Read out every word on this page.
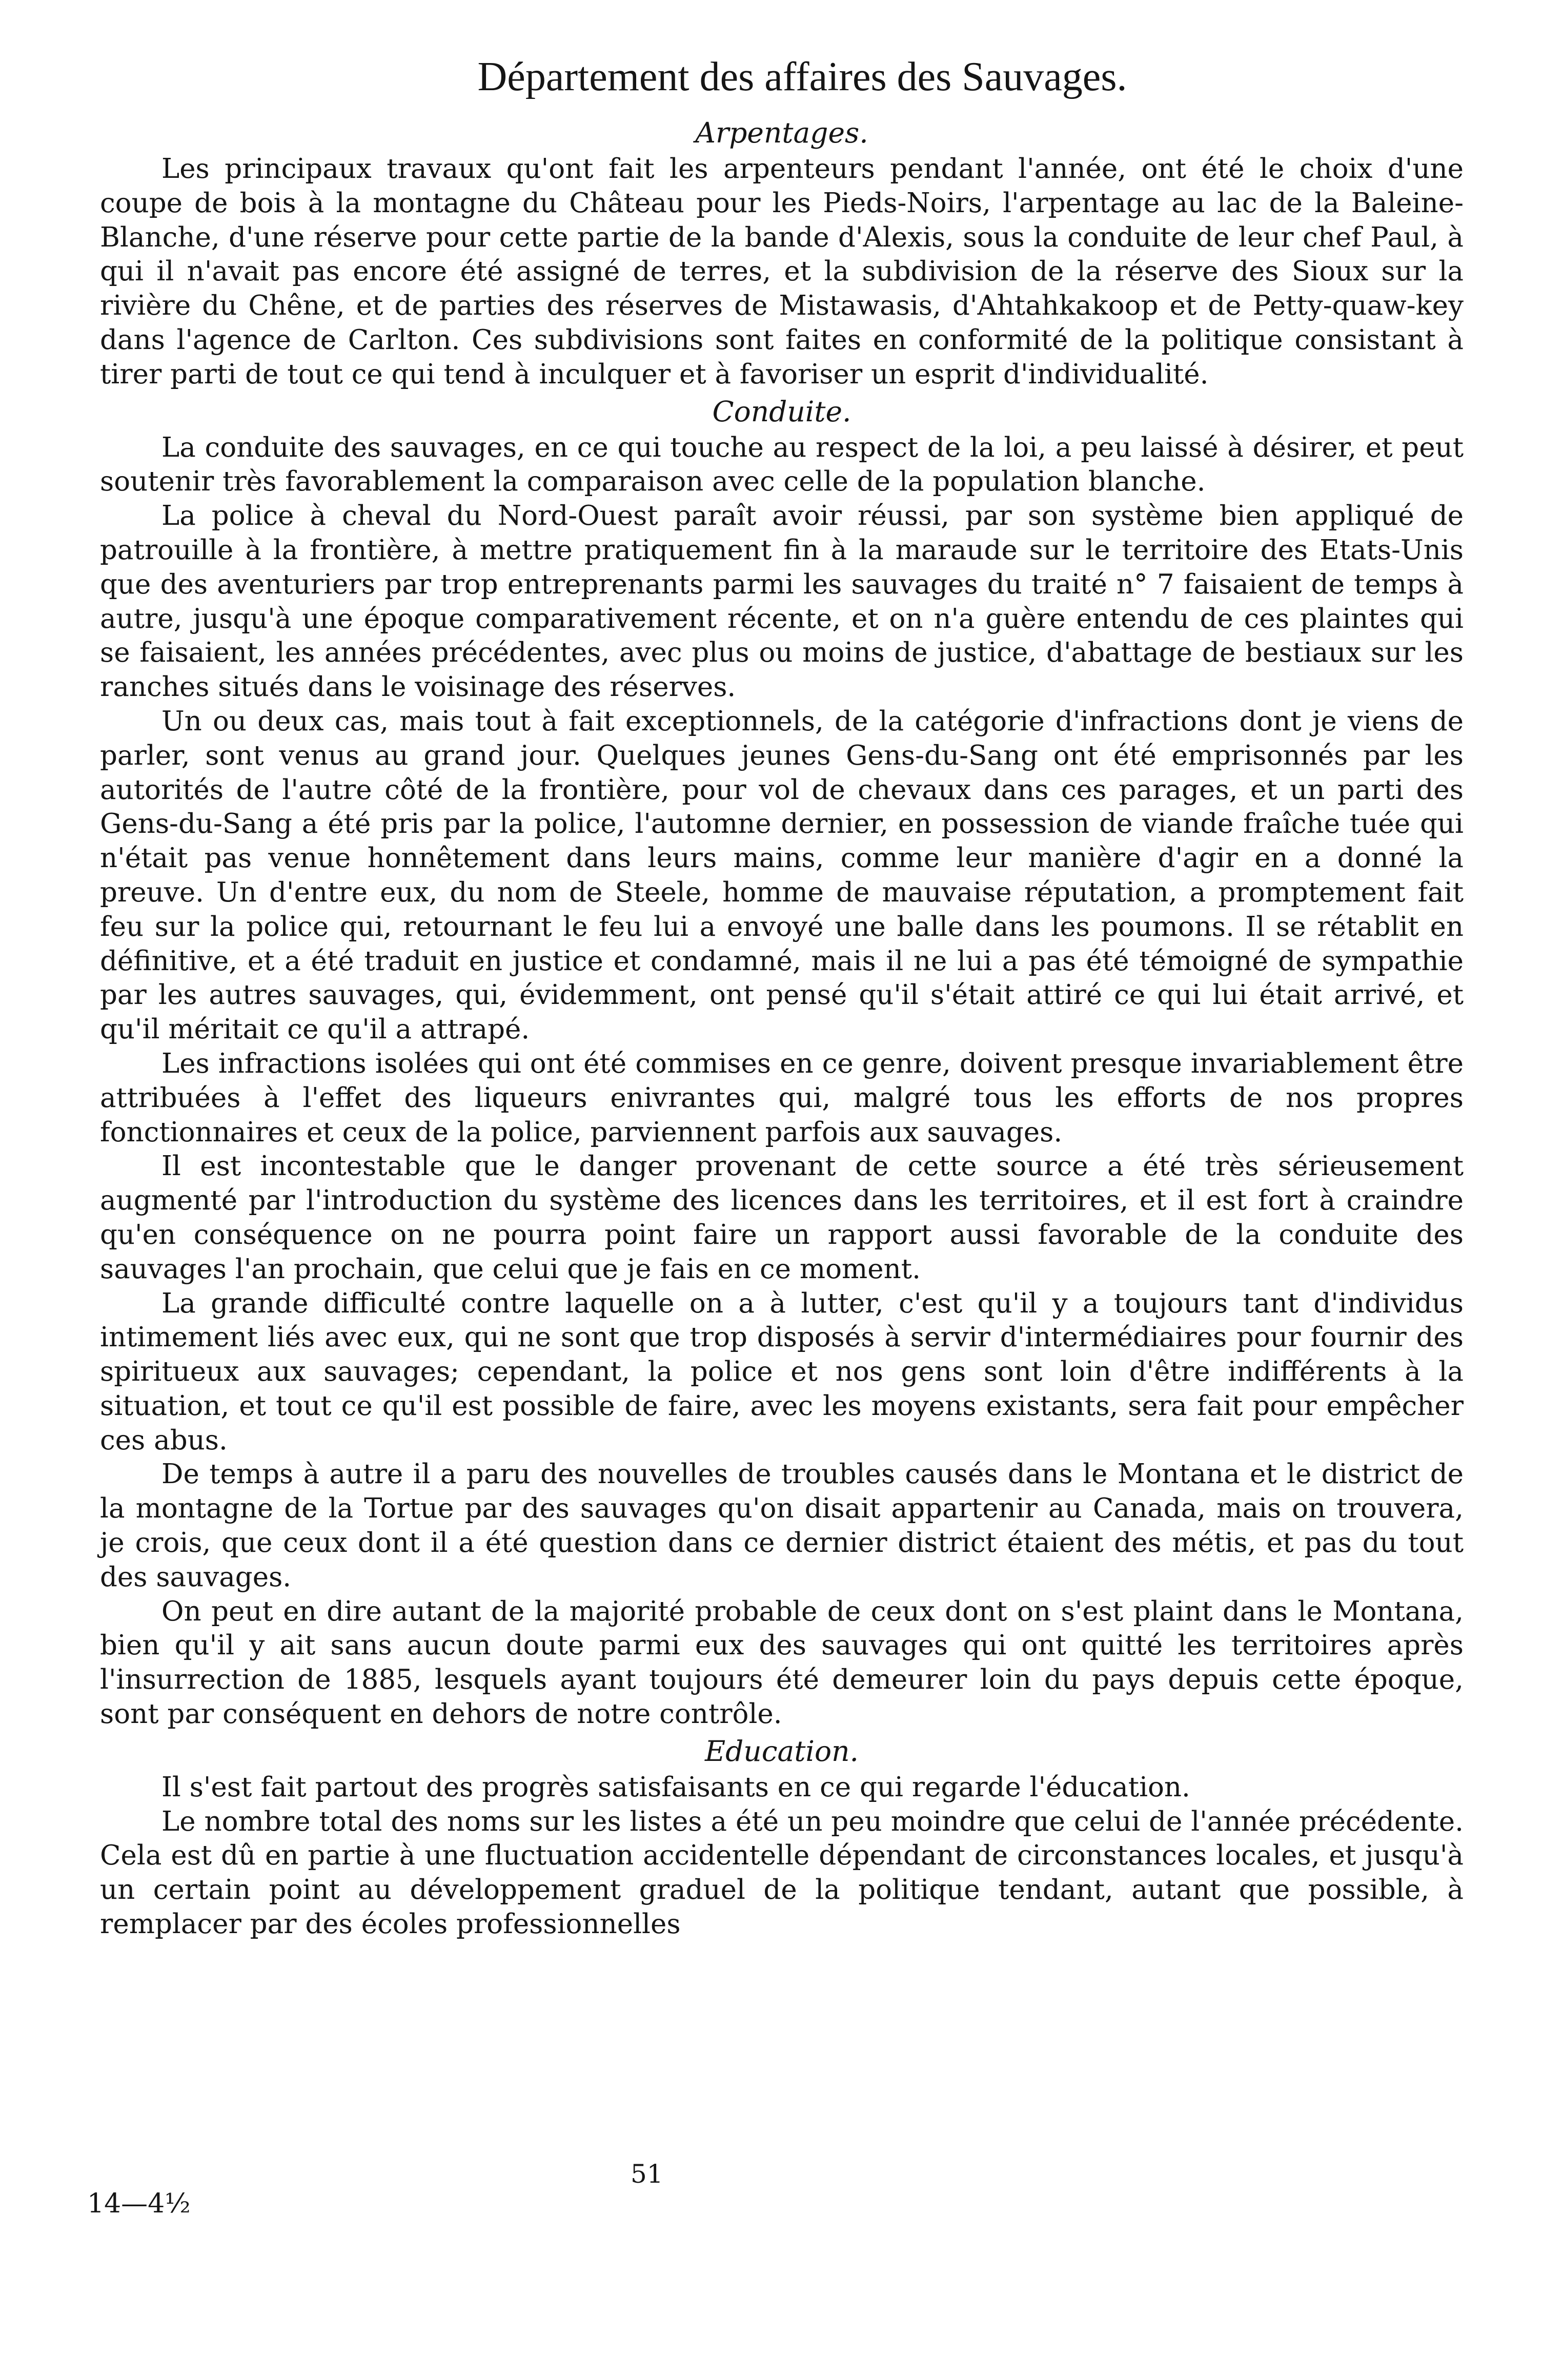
Département des affaires des Sauvages.
Arpentages.

Les principaux travaux qu'ont fait les arpenteurs pendant l'année, ont été le choix d'une coupe de bois à la montagne du Château pour les Pieds-Noirs, l'arpentage au lac de la Baleine-Blanche, d'une réserve pour cette partie de la bande d'Alexis, sous la conduite de leur chef Paul, à qui il n'avait pas encore été assigné de terres, et la subdivision de la réserve des Sioux sur la rivière du Chêne, et de parties des réserves de Mistawasis, d'Ahtahkakoop et de Petty-quaw-key dans l'agence de Carlton. Ces subdivisions sont faites en conformité de la politique consistant à tirer parti de tout ce qui tend à inculquer et à favoriser un esprit d'individualité.

Conduite.

La conduite des sauvages, en ce qui touche au respect de la loi, a peu laissé à désirer, et peut soutenir très favorablement la comparaison avec celle de la population blanche.

La police à cheval du Nord-Ouest paraît avoir réussi, par son système bien appliqué de patrouille à la frontière, à mettre pratiquement fin à la maraude sur le territoire des Etats-Unis que des aventuriers par trop entreprenants parmi les sauvages du traité n° 7 faisaient de temps à autre, jusqu'à une époque comparativement récente, et on n'a guère entendu de ces plaintes qui se faisaient, les années précédentes, avec plus ou moins de justice, d'abattage de bestiaux sur les ranches situés dans le voisinage des réserves.

Un ou deux cas, mais tout à fait exceptionnels, de la catégorie d'infractions dont je viens de parler, sont venus au grand jour. Quelques jeunes Gens-du-Sang ont été emprisonnés par les autorités de l'autre côté de la frontière, pour vol de chevaux dans ces parages, et un parti des Gens-du-Sang a été pris par la police, l'automne dernier, en possession de viande fraîche tuée qui n'était pas venue honnêtement dans leurs mains, comme leur manière d'agir en a donné la preuve. Un d'entre eux, du nom de Steele, homme de mauvaise réputation, a promptement fait feu sur la police qui, retournant le feu lui a envoyé une balle dans les poumons. Il se rétablit en définitive, et a été traduit en justice et condamné, mais il ne lui a pas été témoigné de sympathie par les autres sauvages, qui, évidemment, ont pensé qu'il s'était attiré ce qui lui était arrivé, et qu'il méritait ce qu'il a attrapé.

Les infractions isolées qui ont été commises en ce genre, doivent presque invariablement être attribuées à l'effet des liqueurs enivrantes qui, malgré tous les efforts de nos propres fonctionnaires et ceux de la police, parviennent parfois aux sauvages.

Il est incontestable que le danger provenant de cette source a été très sérieusement augmenté par l'introduction du système des licences dans les territoires, et il est fort à craindre qu'en conséquence on ne pourra point faire un rapport aussi favorable de la conduite des sauvages l'an prochain, que celui que je fais en ce moment.

La grande difficulté contre laquelle on a à lutter, c'est qu'il y a toujours tant d'individus intimement liés avec eux, qui ne sont que trop disposés à servir d'intermédiaires pour fournir des spiritueux aux sauvages; cependant, la police et nos gens sont loin d'être indifférents à la situation, et tout ce qu'il est possible de faire, avec les moyens existants, sera fait pour empêcher ces abus.

De temps à autre il a paru des nouvelles de troubles causés dans le Montana et le district de la montagne de la Tortue par des sauvages qu'on disait appartenir au Canada, mais on trouvera, je crois, que ceux dont il a été question dans ce dernier district étaient des métis, et pas du tout des sauvages.

On peut en dire autant de la majorité probable de ceux dont on s'est plaint dans le Montana, bien qu'il y ait sans aucun doute parmi eux des sauvages qui ont quitté les territoires après l'insurrection de 1885, lesquels ayant toujours été demeurer loin du pays depuis cette époque, sont par conséquent en dehors de notre contrôle.

Education.

Il s'est fait partout des progrès satisfaisants en ce qui regarde l'éducation.

Le nombre total des noms sur les listes a été un peu moindre que celui de l'année précédente. Cela est dû en partie à une fluctuation accidentelle dépendant de circonstances locales, et jusqu'à un certain point au développement graduel de la politique tendant, autant que possible, à remplacer par des écoles professionnelles

51
14—4½
